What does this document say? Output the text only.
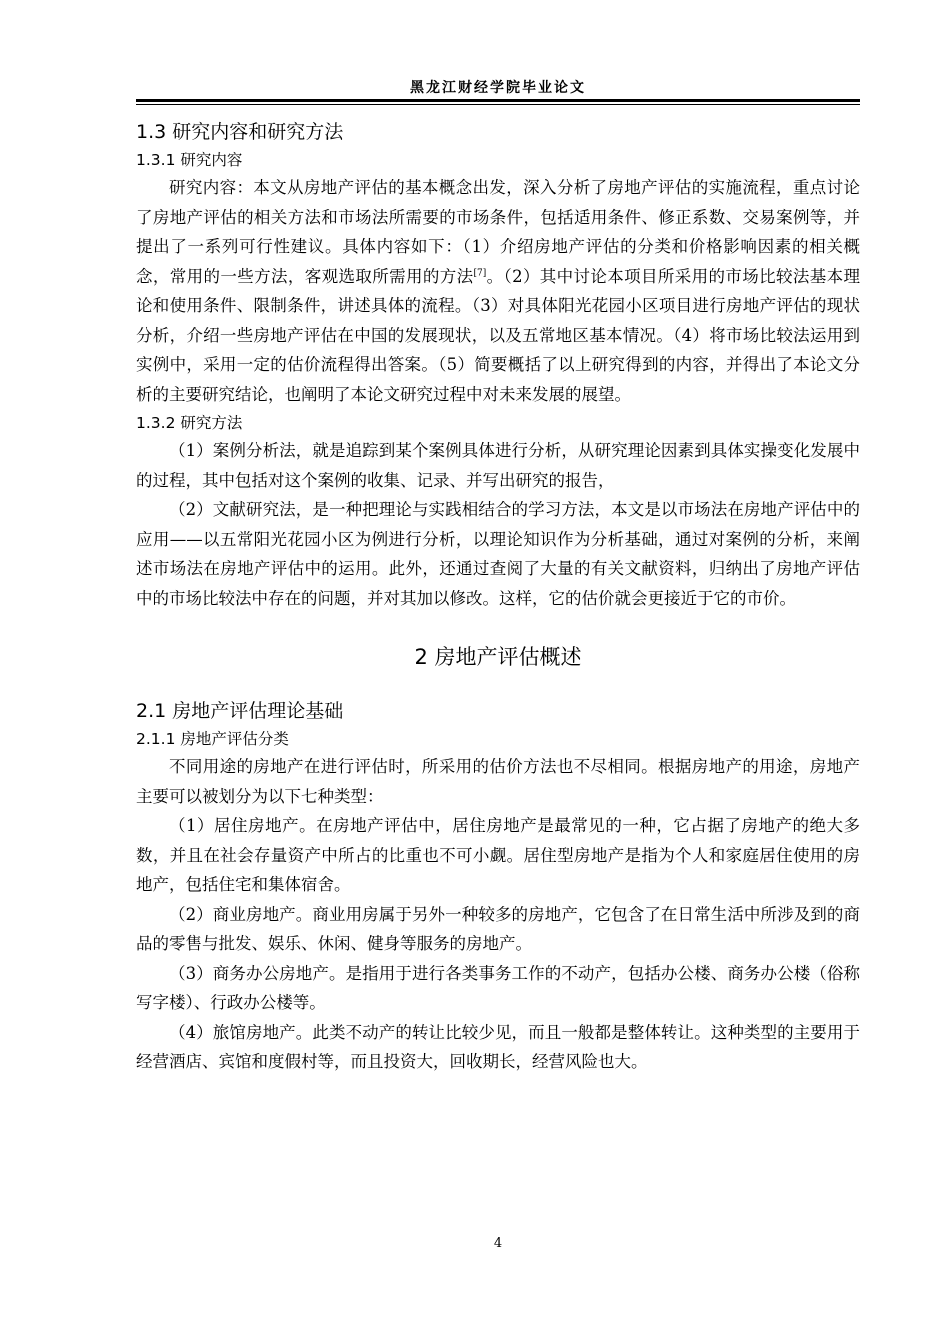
黑龙江财经学院毕业论文
1.3 研究内容和研究方法
1.3.1 研究内容

研究内容：本文从房地产评估的基本概念出发，深入分析了房地产评估的实施流程，重点讨论了房地产评估的相关方法和市场法所需要的市场条件，包括适用条件、修正系数、交易案例等，并提出了一系列可行性建议。具体内容如下：（1）介绍房地产评估的分类和价格影响因素的相关概念，常用的一些方法，客观选取所需用的方法[7]。（2）其中讨论本项目所采用的市场比较法基本理论和使用条件、限制条件，讲述具体的流程。（3）对具体阳光花园小区项目进行房地产评估的现状分析，介绍一些房地产评估在中国的发展现状，以及五常地区基本情况。（4）将市场比较法运用到实例中，采用一定的估价流程得出答案。（5）简要概括了以上研究得到的内容，并得出了本论文分析的主要研究结论，也阐明了本论文研究过程中对未来发展的展望。

1.3.2 研究方法

（1）案例分析法，就是追踪到某个案例具体进行分析，从研究理论因素到具体实操变化发展中的过程，其中包括对这个案例的收集、记录、并写出研究的报告，

（2）文献研究法，是一种把理论与实践相结合的学习方法，本文是以市场法在房地产评估中的应用——以五常阳光花园小区为例进行分析，以理论知识作为分析基础，通过对案例的分析，来阐述市场法在房地产评估中的运用。此外，还通过查阅了大量的有关文献资料，归纳出了房地产评估中的市场比较法中存在的问题，并对其加以修改。这样，它的估价就会更接近于它的市价。

2 房地产评估概述
2.1 房地产评估理论基础
2.1.1 房地产评估分类

不同用途的房地产在进行评估时，所采用的估价方法也不尽相同。根据房地产的用途，房地产主要可以被划分为以下七种类型：

（1）居住房地产。在房地产评估中，居住房地产是最常见的一种，它占据了房地产的绝大多数，并且在社会存量资产中所占的比重也不可小觑。居住型房地产是指为个人和家庭居住使用的房地产，包括住宅和集体宿舍。

（2）商业房地产。商业用房属于另外一种较多的房地产，它包含了在日常生活中所涉及到的商品的零售与批发、娱乐、休闲、健身等服务的房地产。

（3）商务办公房地产。是指用于进行各类事务工作的不动产，包括办公楼、商务办公楼（俗称写字楼）、行政办公楼等。

（4）旅馆房地产。此类不动产的转让比较少见，而且一般都是整体转让。这种类型的主要用于经营酒店、宾馆和度假村等，而且投资大，回收期长，经营风险也大。

4
